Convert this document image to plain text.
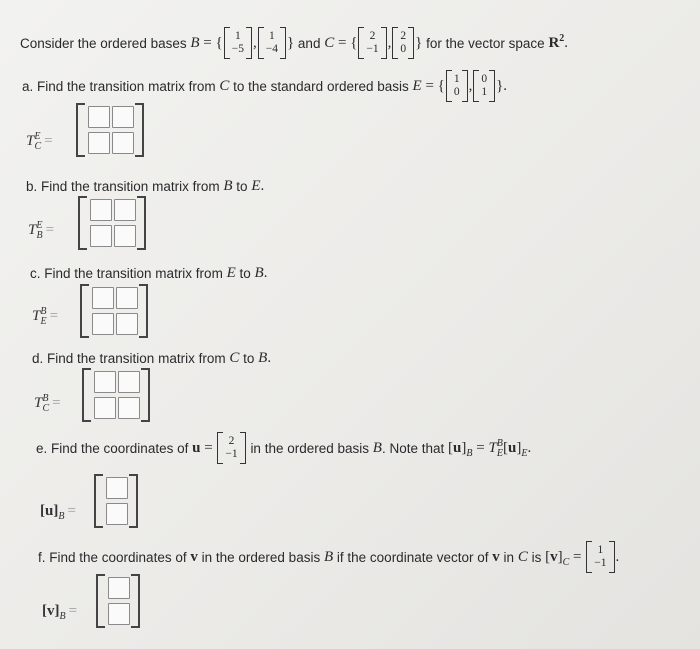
Consider the ordered bases
B = { 1
−5 , 1
−4 } and
C = { 2
−1 , 2
0 } for the vector space
$R^2$ .
a. Find the transition matrix from
C
to the standard ordered basis
E = { 1
0 , 0
1 }.
$T^E_C$ =
b. Find the transition matrix from
B
to
E .
$T^E_B$ =
c. Find the transition matrix from
E
to
B .
$T^B_E$ =
d. Find the transition matrix from
C
to
B .
$T^B_C$ =
e. Find the coordinates of
u = 2
−1
in the ordered basis
B . Note that
$[u]_B = T^B_E[u]_E$.
$[u]_B$ =
f. Find the coordinates of
v
in the ordered basis
B
if the coordinate vector of
v
in
C
is
$[v]_C = 1$
−1 .
$[v]_B$ =
